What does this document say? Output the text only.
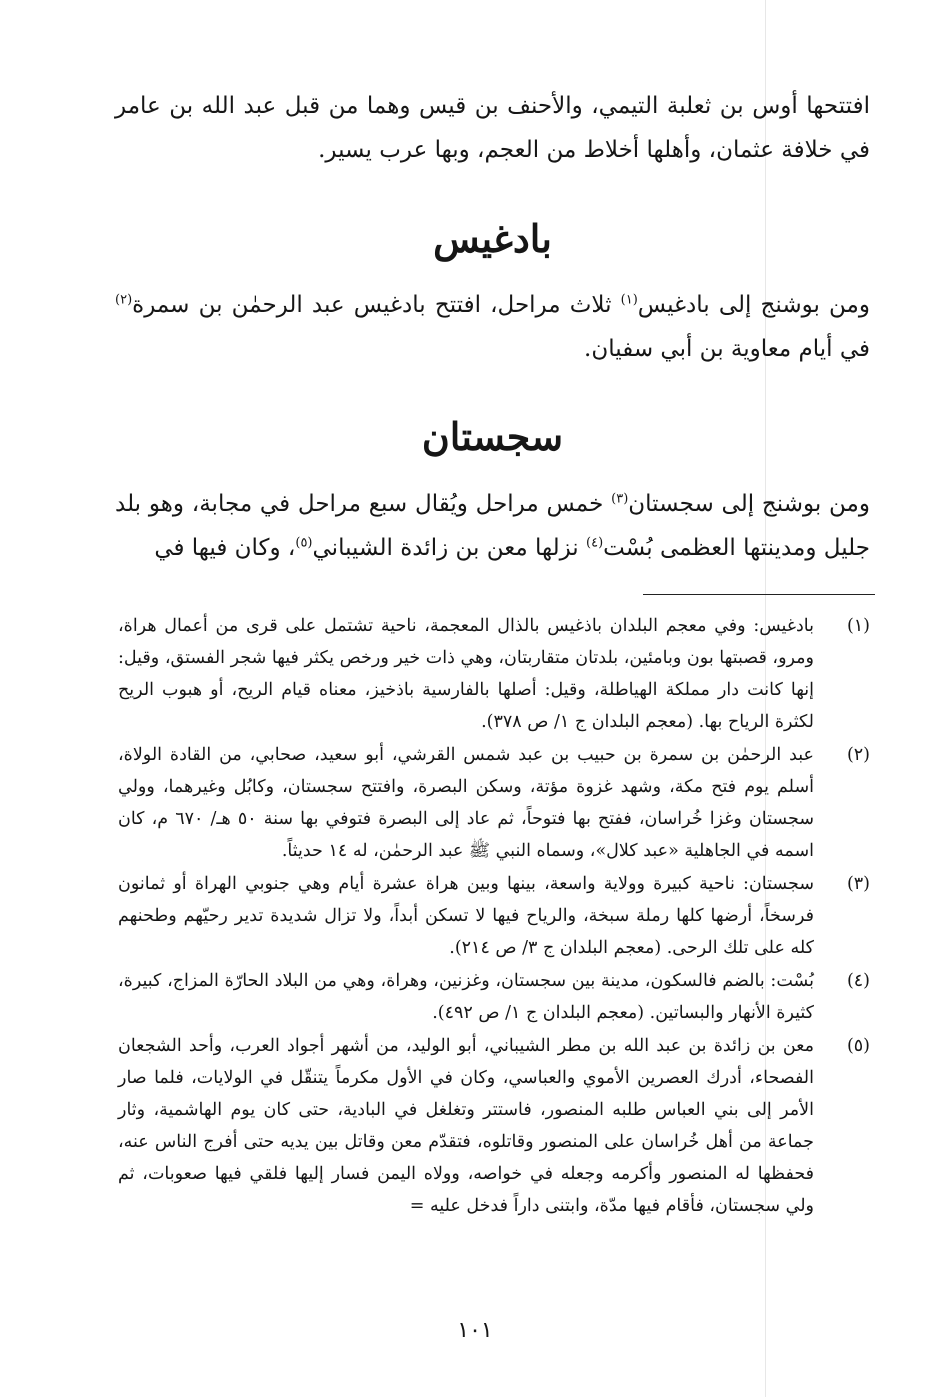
افتتحها أوس بن ثعلبة التيمي، والأحنف بن قيس وهما من قبل عبد الله بن عامر في خلافة عثمان، وأهلها أخلاط من العجم، وبها عرب يسير.

بادغيس

ومن بوشنج إلى بادغيس$^{(١)}$ ثلاث مراحل، افتتح بادغيس عبد الرحمٰن بن سمرة$^{(٢)}$ في أيام معاوية بن أبي سفيان.

سجستان

ومن بوشنج إلى سجستان$^{(٣)}$ خمس مراحل ويُقال سبع مراحل في مجابة، وهو بلد جليل ومدينتها العظمى بُسْت$^{(٤)}$ نزلها معن بن زائدة الشيباني$^{(٥)}$، وكان فيها في

(١)
بادغيس: وفي معجم البلدان باذغيس بالذال المعجمة، ناحية تشتمل على قرى من أعمال هراة، ومرو، قصبتها بون وبامئين، بلدتان متقاربتان، وهي ذات خير ورخص يكثر فيها شجر الفستق، وقيل: إنها كانت دار مملكة الهياطلة، وقيل: أصلها بالفارسية باذخيز، معناه قيام الريح، أو هبوب الريح لكثرة الرياح بها. (معجم البلدان ج ١/ ص ٣٧٨).
(٢)
عبد الرحمٰن بن سمرة بن حبيب بن عبد شمس القرشي، أبو سعيد، صحابي، من القادة الولاة، أسلم يوم فتح مكة، وشهد غزوة مؤتة، وسكن البصرة، وافتتح سجستان، وكابُل وغيرهما، وولي سجستان وغزا خُراسان، ففتح بها فتوحاً، ثم عاد إلى البصرة فتوفي بها سنة ٥٠ هـ/ ٦٧٠ م، كان اسمه في الجاهلية «عبد كلال»، وسماه النبي ﷺ عبد الرحمٰن، له ١٤ حديثاً.
(٣)
سجستان: ناحية كبيرة وولاية واسعة، بينها وبين هراة عشرة أيام وهي جنوبي الهراة أو ثمانون فرسخاً، أرضها كلها رملة سبخة، والرياح فيها لا تسكن أبداً، ولا تزال شديدة تدير رحيّهم وطحنهم كله على تلك الرحى. (معجم البلدان ج ٣/ ص ٢١٤).
(٤)
بُسْت: بالضم فالسكون، مدينة بين سجستان، وغزنين، وهراة، وهي من البلاد الحارّة المزاج، كبيرة، كثيرة الأنهار والبساتين. (معجم البلدان ج ١/ ص ٤٩٢).
(٥)
معن بن زائدة بن عبد الله بن مطر الشيباني، أبو الوليد، من أشهر أجواد العرب، وأحد الشجعان الفصحاء، أدرك العصرين الأموي والعباسي، وكان في الأول مكرماً يتنقّل في الولايات، فلما صار الأمر إلى بني العباس طلبه المنصور، فاستتر وتغلغل في البادية، حتى كان يوم الهاشمية، وثار جماعة من أهل خُراسان على المنصور وقاتلوه، فتقدّم معن وقاتل بين يديه حتى أفرج الناس عنه، فحفظها له المنصور وأكرمه وجعله في خواصه، وولاه اليمن فسار إليها فلقي فيها صعوبات، ثم ولي سجستان، فأقام فيها مدّة، وابتنى داراً فدخل عليه =
١٠١
